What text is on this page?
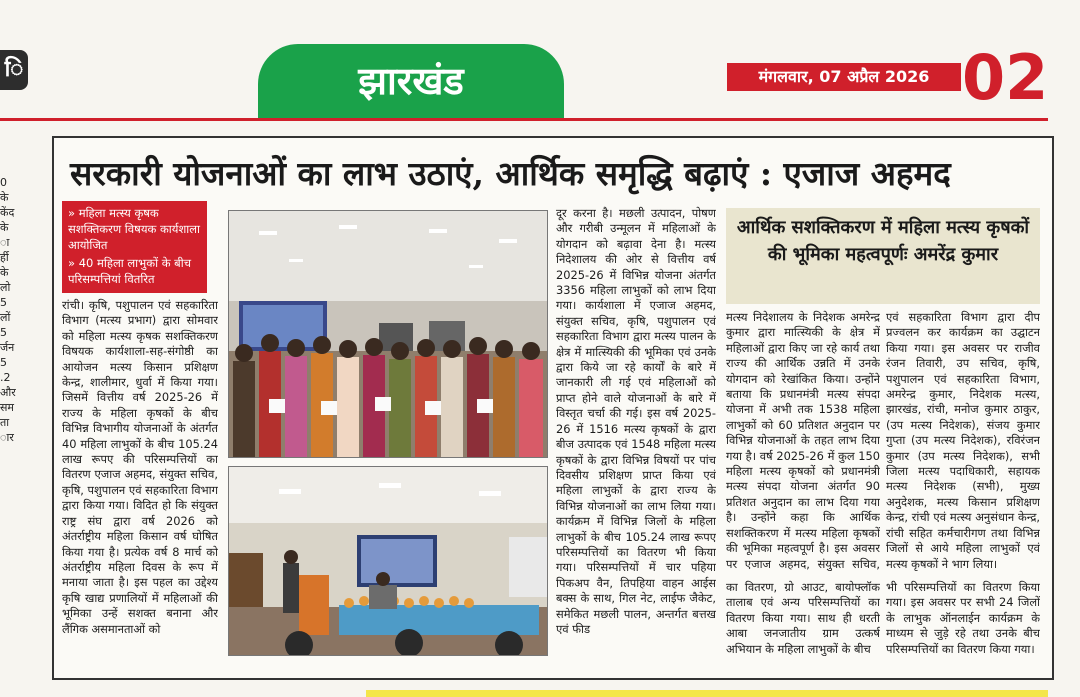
ि	झारखंड	मंगलवार, 07 अप्रैल 2026 02
0
के
केंद
के
ा
र्ही
के
लो
5
लों
5
र्जन
5
.2
और
सम
ता
ार
सरकारी योजनाओं का लाभ उठाएं, आर्थिक समृद्धि बढ़ाएं : एजाज अहमद
» महिला मत्स्य कृषक सशक्तिकरण विषयक कार्यशाला आयोजित
» 40 महिला लाभुकों के बीच परिसम्पत्तियां वितरित
रांची। कृषि, पशुपालन एवं सहकारिता विभाग (मत्स्य प्रभाग) द्वारा सोमवार को महिला मत्स्य कृषक सशक्तिकरण विषयक कार्यशाला-सह-संगोष्ठी का आयोजन मत्स्य किसान प्रशिक्षण केन्द्र, शालीमार, धुर्वा में किया गया। जिसमें वित्तीय वर्ष 2025-26 में राज्य के महिला कृषकों के बीच विभिन्न विभागीय योजनाओं के अंतर्गत 40 महिला लाभुकों के बीच 105.24 लाख रूपए की परिसम्पत्तियों का वितरण एजाज अहमद, संयुक्त सचिव, कृषि, पशुपालन एवं सहकारिता विभाग द्वारा किया गया। विदित हो कि संयुक्त राष्ट्र संघ द्वारा वर्ष 2026 को अंतर्राष्ट्रीय महिला किसान वर्ष घोषित किया गया है। प्रत्येक वर्ष 8 मार्च को अंतर्राष्ट्रीय महिला दिवस के रूप में मनाया जाता है। इस पहल का उद्देश्य कृषि खाद्य प्रणालियों में महिलाओं की भूमिका उन्हें सशक्त बनाना और लैंगिक असमानताओं को
दूर करना है। मछली उत्पादन, पोषण और गरीबी उन्मूलन में महिलाओं के योगदान को बढ़ावा देना है। मत्स्य निदेशालय की ओर से वित्तीय वर्ष 2025-26 में विभिन्न योजना अंतर्गत 3356 महिला लाभुकों को लाभ दिया गया। कार्यशाला में एजाज अहमद, संयुक्त सचिव, कृषि, पशुपालन एवं सहकारिता विभाग द्वारा मत्स्य पालन के क्षेत्र में मात्स्यिकी की भूमिका एवं उनके द्वारा किये जा रहे कार्यों के बारे में जानकारी ली गई एवं महिलाओं को प्राप्त होने वाले योजनाओं के बारे में विस्तृत चर्चा की गई। इस वर्ष 2025-26 में 1516 मत्स्य कृषकों के द्वारा बीज उत्पादक एवं 1548 महिला मत्स्य कृषकों के द्वारा विभिन्न विषयों पर पांच दिवसीय प्रशिक्षण प्राप्त किया एवं महिला लाभुकों के द्वारा राज्य के विभिन्न योजनाओं का लाभ लिया गया। कार्यक्रम में विभिन्न जिलों के महिला लाभुकों के बीच 105.24 लाख रूपए परिसम्पत्तियों का वितरण भी किया गया। परिसम्पत्तियों में चार पहिया पिकअप वैन, तिपहिया वाहन आईस बक्स के साथ, गिल नेट, लाईफ जैकेट, समेकित मछली पालन, अन्तर्गत बत्तख एवं फीड
आर्थिक सशक्तिकरण में महिला मत्स्य कृषकों की भूमिका महत्वपूर्णः अमरेंद्र कुमार
मत्स्य निदेशालय के निदेशक अमरेन्द्र कुमार द्वारा मात्स्यिकी के क्षेत्र में महिलाओं द्वारा किए जा रहे कार्य तथा राज्य की आर्थिक उन्नति में उनके योगदान को रेखांकित किया। उन्होंने बताया कि प्रधानमंत्री मत्स्य संपदा योजना में अभी तक 1538 महिला लाभुकों को 60 प्रतिशत अनुदान पर विभिन्न योजनाओं के तहत लाभ दिया गया है। वर्ष 2025-26 में कुल 150 महिला मत्स्य कृषकों को प्रधानमंत्री मत्स्य संपदा योजना अंतर्गत 90 प्रतिशत अनुदान का लाभ दिया गया है। उन्होंने कहा कि आर्थिक सशक्तिकरण में मत्स्य महिला कृषकों की भूमिका महत्वपूर्ण है। इस अवसर पर एजाज अहमद, संयुक्त सचिव,
एवं सहकारिता विभाग द्वारा दीप प्रज्वलन कर कार्यक्रम का उद्घाटन किया गया। इस अवसर पर राजीव रंजन तिवारी, उप सचिव, कृषि, पशुपालन एवं सहकारिता विभाग, अमरेन्द्र कुमार, निदेशक मत्स्य, झारखंड, रांची, मनोज कुमार ठाकुर, (उप मत्स्य निदेशक), संजय कुमार गुप्ता (उप मत्स्य निदेशक), रविरंजन कुमार (उप मत्स्य निदेशक), सभी जिला मत्स्य पदाधिकारी, सहायक मत्स्य निदेशक (सभी), मुख्य अनुदेशक, मत्स्य किसान प्रशिक्षण केन्द्र, रांची एवं मत्स्य अनुसंधान केन्द्र, रांची सहित कर्मचारीगण तथा विभिन्न जिलों से आये महिला लाभुकों एवं मत्स्य कृषकों ने भाग लिया।
का वितरण, ग्रो आउट, बायोफ्लॉक तालाब एवं अन्य परिसम्पत्तियों का वितरण किया गया। साथ ही धरती आबा जनजातीय ग्राम उत्कर्ष अभियान के महिला लाभुकों के बीच
भी परिसम्पत्तियों का वितरण किया गया। इस अवसर पर सभी 24 जिलों के लाभुक ऑनलाईन कार्यक्रम के माध्यम से जुड़े रहे तथा उनके बीच परिसम्पत्तियों का वितरण किया गया।
